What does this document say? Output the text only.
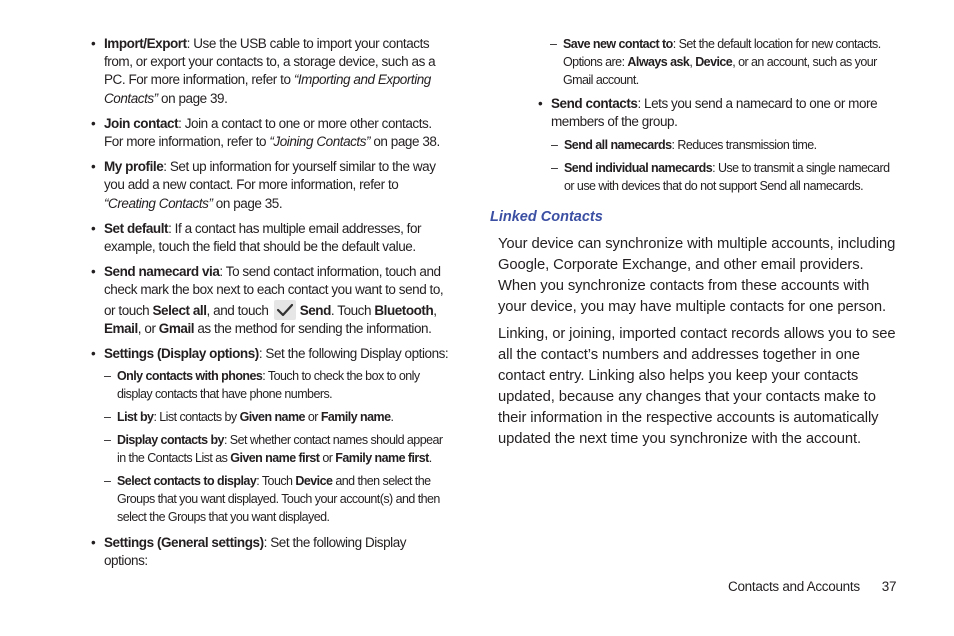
• Import/Export: Use the USB cable to import your contacts from, or export your contacts to, a storage device, such as a PC. For more information, refer to “Importing and Exporting Contacts” on page 39.
• Join contact: Join a contact to one or more other contacts. For more information, refer to “Joining Contacts” on page 38.
• My profile: Set up information for yourself similar to the way you add a new contact. For more information, refer to “Creating Contacts” on page 35.
• Set default: If a contact has multiple email addresses, for example, touch the field that should be the default value.
• Send namecard via: To send contact information, touch and check mark the box next to each contact you want to send to, or touch Select all, and touch
Send. Touch Bluetooth, Email, or Gmail as the method for sending the information.
• Settings (Display options): Set the following Display options:
– Only contacts with phones: Touch to check the box to only display contacts that have phone numbers.
– List by: List contacts by Given name or Family name.
– Display contacts by: Set whether contact names should appear in the Contacts List as Given name first or Family name first.
– Select contacts to display: Touch Device and then select the Groups that you want displayed. Touch your account(s) and then select the Groups that you want displayed.
• Settings (General settings): Set the following Display options:
– Save new contact to: Set the default location for new contacts. Options are: Always ask, Device, or an account, such as your Gmail account.
• Send contacts: Lets you send a namecard to one or more members of the group.
– Send all namecards: Reduces transmission time.
– Send individual namecards: Use to transmit a single namecard or use with devices that do not support Send all namecards.
Linked Contacts

Your device can synchronize with multiple accounts, including Google, Corporate Exchange, and other email providers. When you synchronize contacts from these accounts with your device, you may have multiple contacts for one person.

Linking, or joining, imported contact records allows you to see all the contact’s numbers and addresses together in one contact entry. Linking also helps you keep your contacts updated, because any changes that your contacts make to their information in the respective accounts is automatically updated the next time you synchronize with the account.

Contacts and Accounts 37
